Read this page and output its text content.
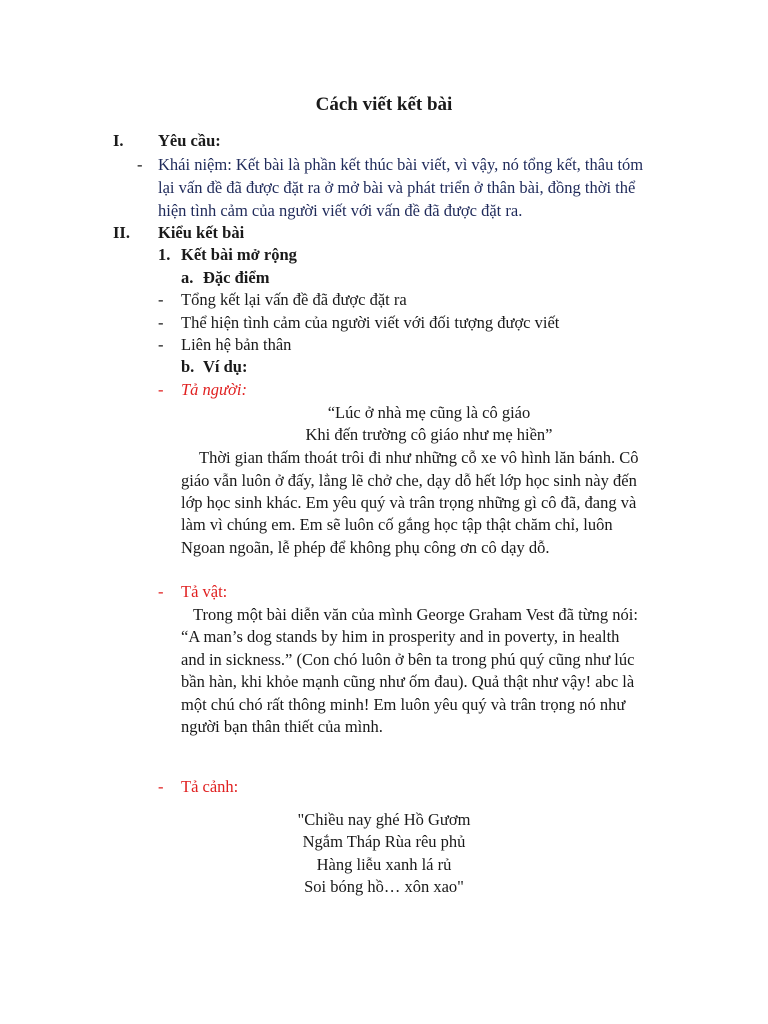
Cách viết kết bài
I. Yêu cầu:
- Khái niệm: Kết bài là phần kết thúc bài viết, vì vậy, nó tổng kết, thâu tóm
lại vấn đề đã được đặt ra ở mở bài và phát triển ở thân bài, đồng thời thể
hiện tình cảm của người viết với vấn đề đã được đặt ra.
II. Kiểu kết bài
1. Kết bài mở rộng
a. Đặc điểm
- Tổng kết lại vấn đề đã được đặt ra
- Thể hiện tình cảm của người viết với đối tượng được viết
- Liên hệ bản thân
b. Ví dụ:
- Tả người:
“Lúc ở nhà mẹ cũng là cô giáo
Khi đến trường cô giáo như mẹ hiền”
Thời gian thấm thoát trôi đi như những cỗ xe vô hình lăn bánh. Cô
giáo vẫn luôn ở đấy, lẳng lẽ chở che, dạy dỗ hết lớp học sinh này đến
lớp học sinh khác. Em yêu quý và trân trọng những gì cô đã, đang và
làm vì chúng em. Em sẽ luôn cố gắng học tập thật chăm chỉ, luôn
Ngoan ngoãn, lễ phép để không phụ công ơn cô dạy dỗ.
- Tả vật:
Trong một bài diễn văn của mình George Graham Vest đã từng nói:
“A man’s dog stands by him in prosperity and in poverty, in health
and in sickness.” (Con chó luôn ở bên ta trong phú quý cũng như lúc
bần hàn, khi khỏe mạnh cũng như ốm đau). Quả thật như vậy! abc là
một chú chó rất thông minh! Em luôn yêu quý và trân trọng nó như
người bạn thân thiết của mình.
- Tả cảnh:
"Chiều nay ghé Hồ Gươm
Ngắm Tháp Rùa rêu phủ
Hàng liễu xanh lá rủ
Soi bóng hồ… xôn xao"
